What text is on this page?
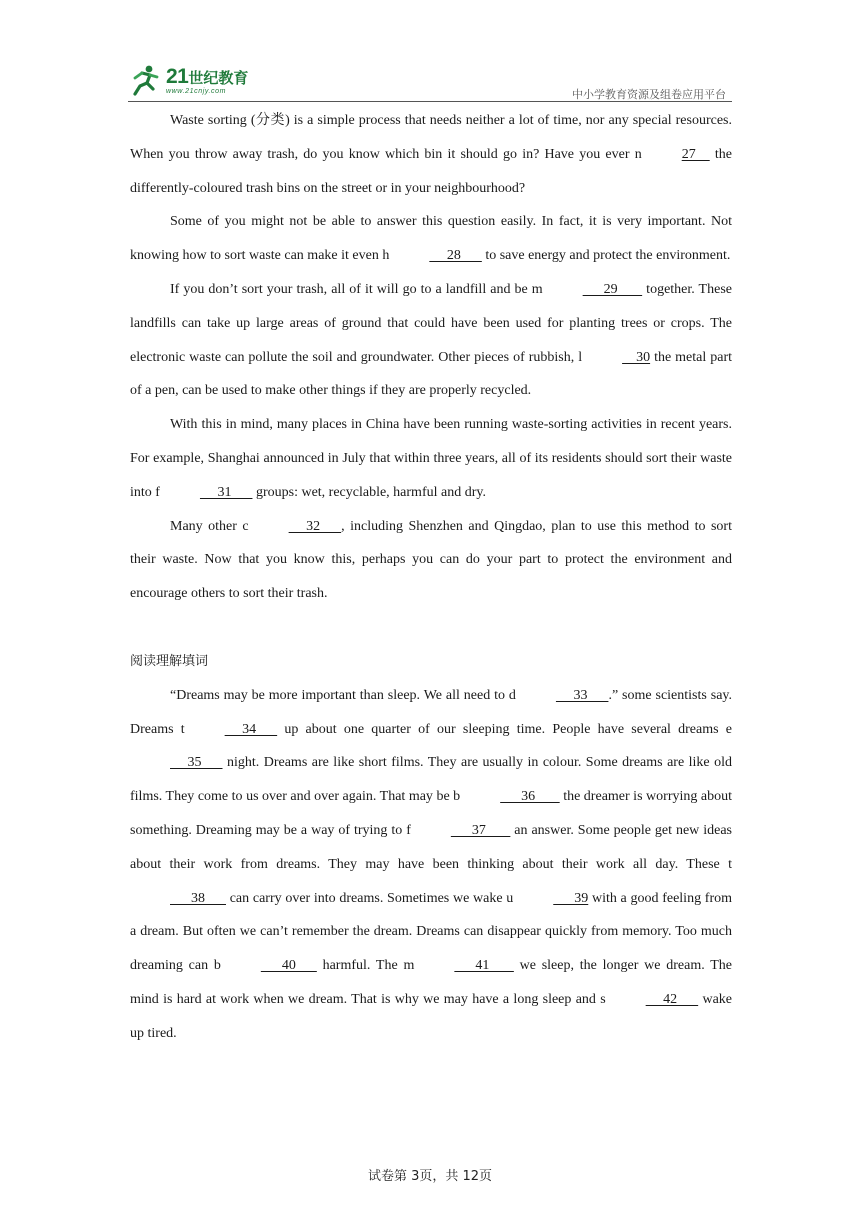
21世纪教育
www.21cnjy.com	中小学教育资源及组卷应用平台

Waste sorting (分类) is a simple process that needs neither a lot of time, nor any special resources. When you throw away trash, do you know which bin it should go in? Have you ever n	27     the differently-coloured trash bins on the street or in your neighbourhood?

Some of you might not be able to answer this question easily. In fact, it is very important. Not knowing how to sort waste can make it even h	28       to save energy and protect the environment.

If you don’t sort your trash, all of it will go to a landfill and be m	29        together. These landfills can take up large areas of ground that could have been used for planting trees or crops. The electronic waste can pollute the soil and groundwater. Other pieces of rubbish, l	30 the metal part of a pen, can be used to make other things if they are properly recycled.

With this in mind, many places in China have been running waste-sorting activities in recent years. For example, Shanghai announced in July that within three years, all of its residents should sort their waste into f	31       groups: wet, recyclable, harmful and dry.

Many other c	32      , including Shenzhen and Qingdao, plan to use this method to sort their waste. Now that you know this, perhaps you can do your part to protect the environment and encourage others to sort their trash.

阅读理解填词

“Dreams may be more important than sleep. We all need to d	33      .” some scientists say. Dreams t	34       up about one quarter of our sleeping time. People have several dreams e     35       night. Dreams are like short films. They are usually in colour. Some dreams are like old films. They come to us over and over again. That may be b	36        the dreamer is worrying about something. Dreaming may be a way of trying to f	37        an answer. Some people get new ideas about their work from dreams. They may have been thinking about their work all day. These t      38       can carry over into dreams. Sometimes we wake u	39 with a good feeling from a dream. But often we can’t remember the dream. Dreams can disappear quickly from memory. Too much dreaming can b	40       harmful. The m	41        we sleep, the longer we dream. The mind is hard at work when we dream. That is why we may have a long sleep and s	42       wake up tired.

试卷第 3页，共 12页
